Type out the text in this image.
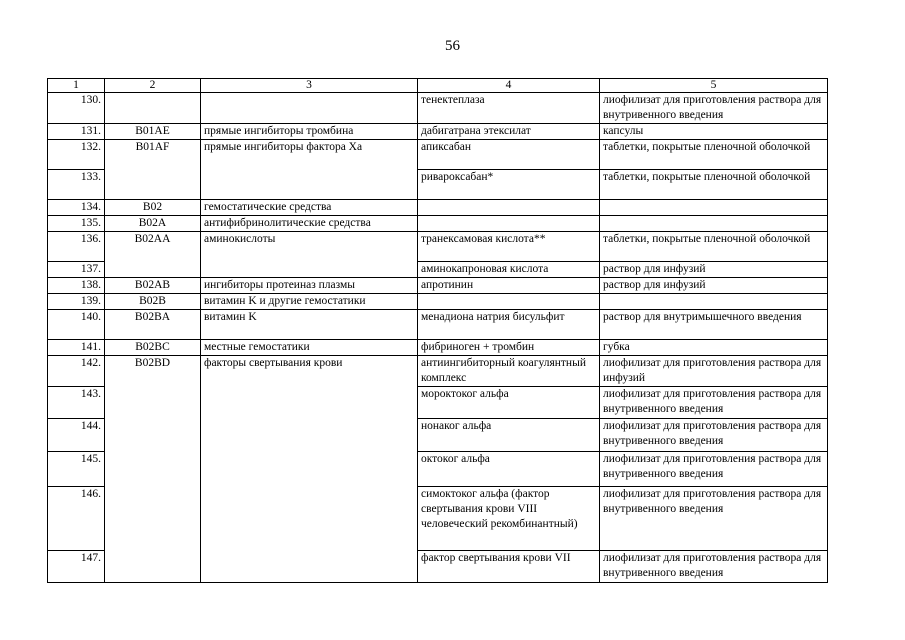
56
1	2	3	4	5
130.			тенектеплаза	лиофилизат для приготовления раствора для внутривенного введения
131.	B01AE	прямые ингибиторы тромбина	дабигатрана этексилат	капсулы
132.	B01AF	прямые ингибиторы фактора Xa	апиксабан	таблетки, покрытые пленочной оболочкой
133.			ривароксабан*	таблетки, покрытые пленочной оболочкой
134.	B02	гемостатические средства		
135.	B02A	антифибринолитические средства		
136.	B02AA	аминокислоты	транексамовая кислота**	таблетки, покрытые пленочной оболочкой
137.			аминокапроновая кислота	раствор для инфузий
138.	B02AB	ингибиторы протеиназ плазмы	апротинин	раствор для инфузий
139.	B02B	витамин K и другие гемостатики		
140.	B02BA	витамин K	менадиона натрия бисульфит	раствор для внутримышечного введения
141.	B02BC	местные гемостатики	фибриноген + тромбин	губка
142.	B02BD	факторы свертывания крови	антиингибиторный коагулянтный комплекс	лиофилизат для приготовления раствора для инфузий
143.			мороктоког альфа	лиофилизат для приготовления раствора для внутривенного введения
144.			нонаког альфа	лиофилизат для приготовления раствора для внутривенного введения
145.			октоког альфа	лиофилизат для приготовления раствора для внутривенного введения
146.			симоктоког альфа (фактор свертывания крови VIII человеческий рекомбинантный)	лиофилизат для приготовления раствора для внутривенного введения
147.			фактор свертывания крови VII	лиофилизат для приготовления раствора для внутривенного введения
